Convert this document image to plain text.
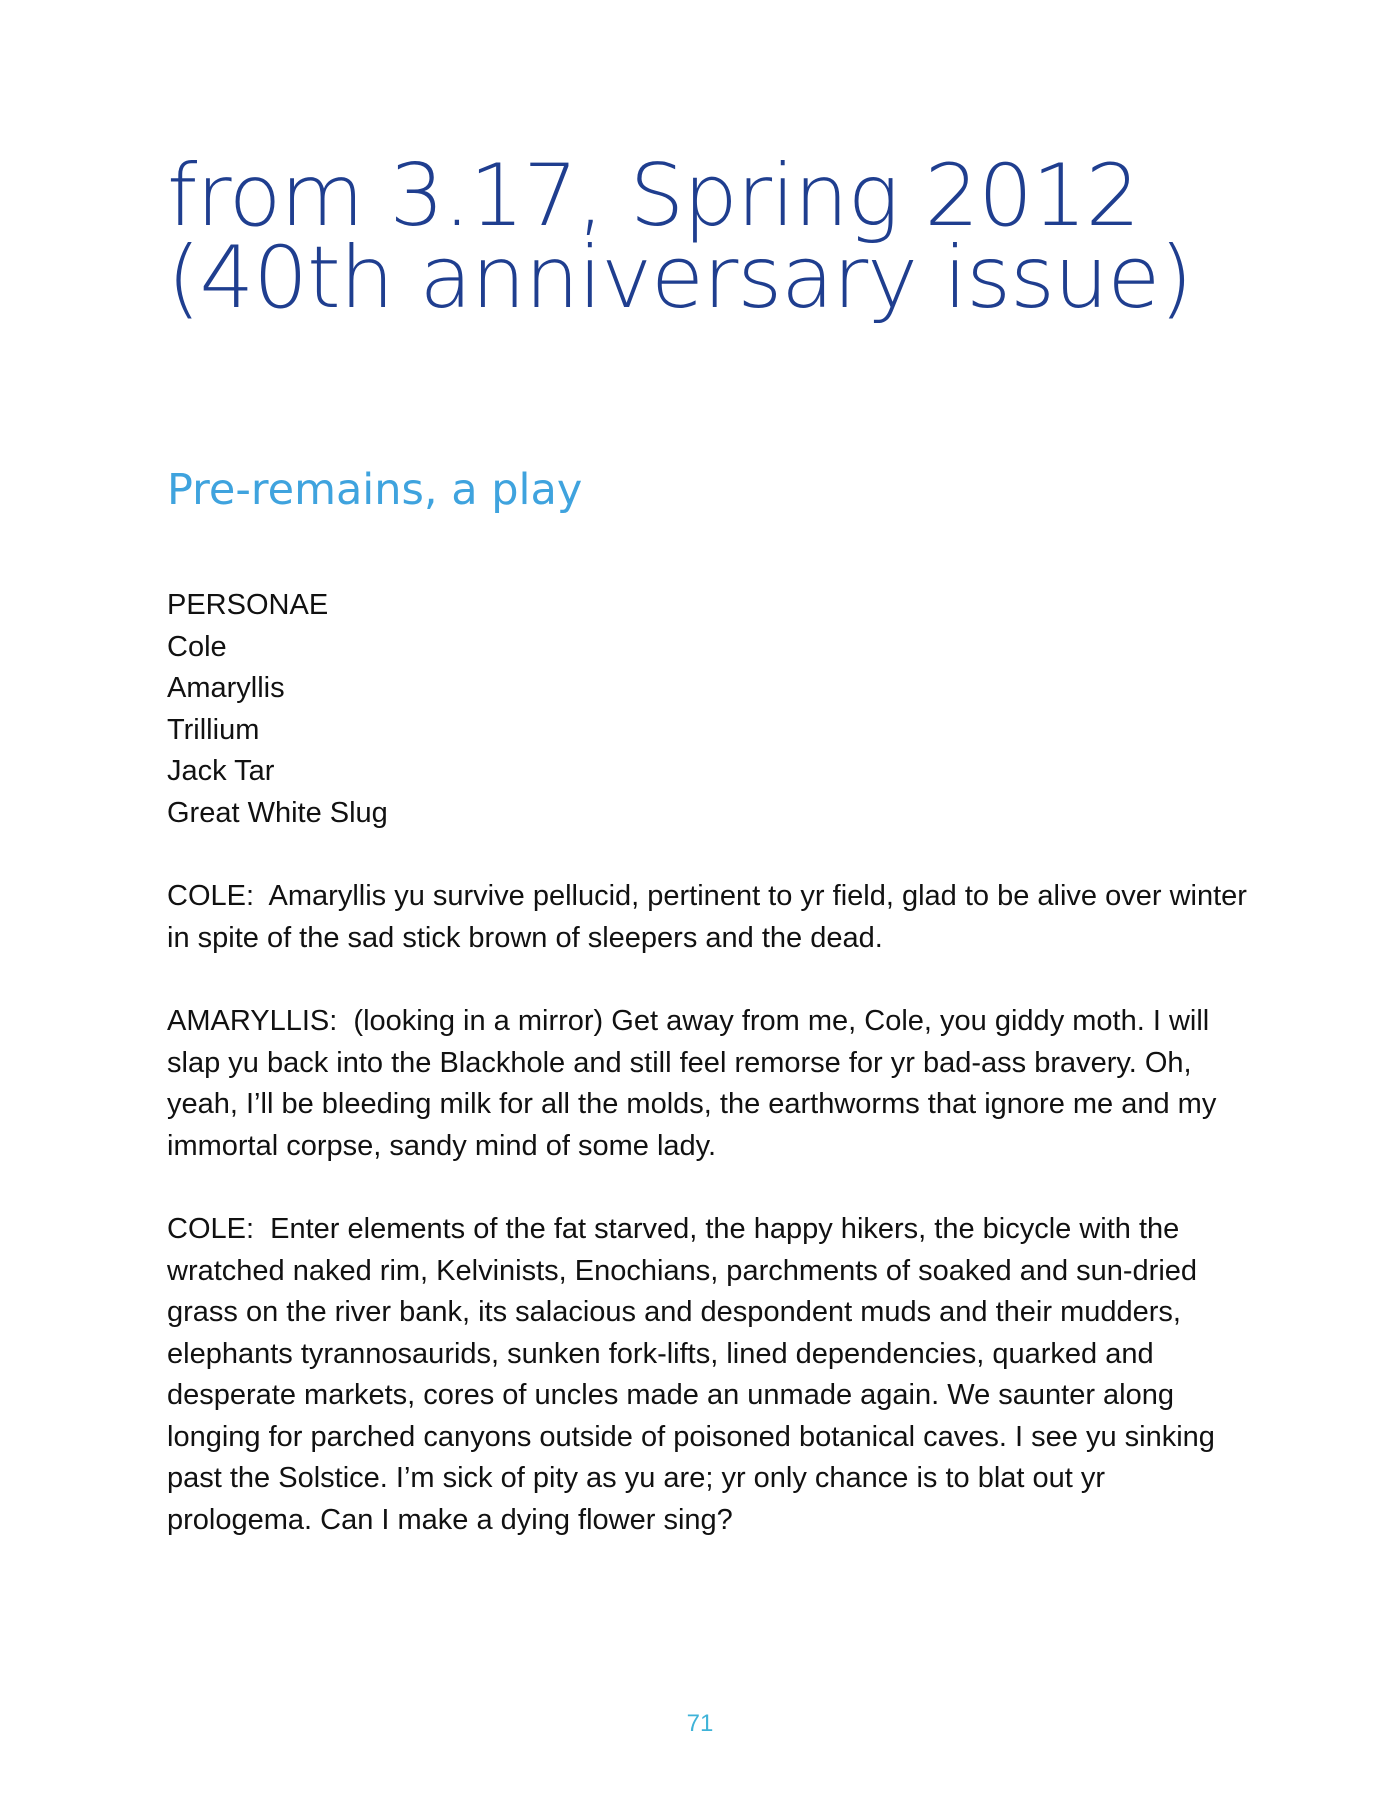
from 3.17, Spring 2012 (40th anniversary issue)
Pre-remains, a play

PERSONAE
Cole
Amaryllis
Trillium
Jack Tar
Great White Slug

COLE:  Amaryllis yu survive pellucid, pertinent to yr field, glad to be alive over winter in spite of the sad stick brown of sleepers and the dead.

AMARYLLIS:  (looking in a mirror) Get away from me, Cole, you giddy moth. I will slap yu back into the Blackhole and still feel remorse for yr bad-ass bravery. Oh, yeah, I’ll be bleeding milk for all the molds, the earthworms that ignore me and my immortal corpse, sandy mind of some lady.

COLE:  Enter elements of the fat starved, the happy hikers, the bicycle with the wratched naked rim, Kelvinists, Enochians, parchments of soaked and sun-dried grass on the river bank, its salacious and despondent muds and their mudders, elephants tyrannosaurids, sunken fork-lifts, lined dependencies, quarked and  desperate markets, cores of uncles made an unmade again. We saunter along longing for parched canyons outside of poisoned botanical caves. I see yu sinking past the Solstice. I’m sick of pity as yu are; yr only chance is to blat out yr prologema. Can I make a dying flower sing?

71
